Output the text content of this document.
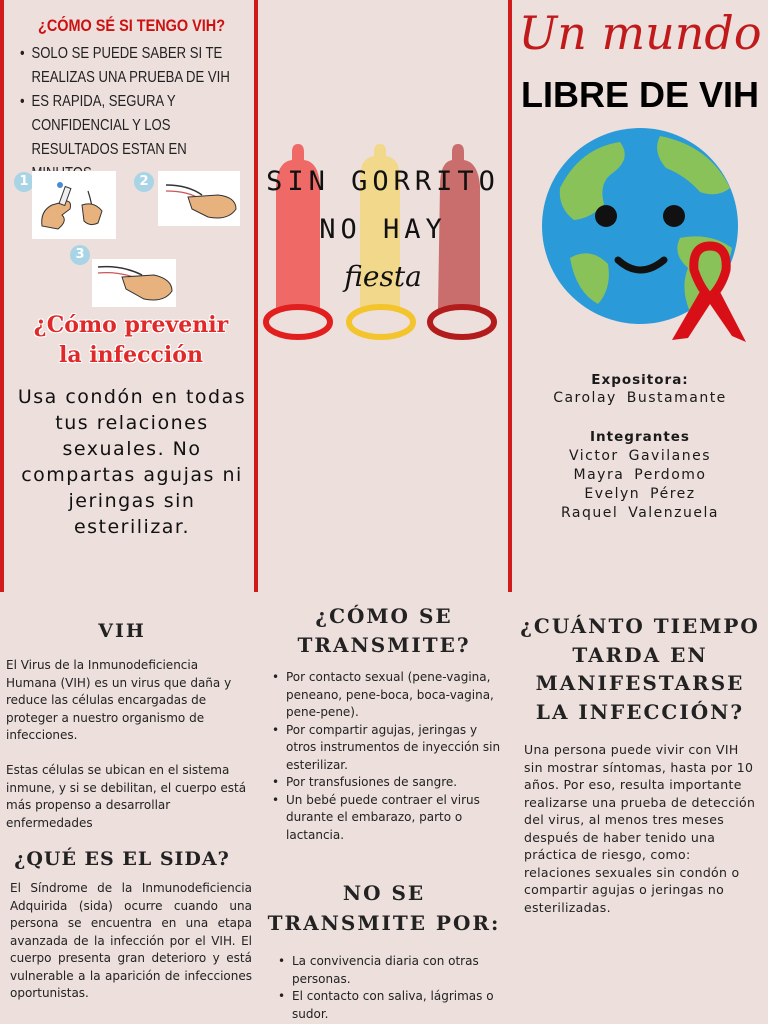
¿CÓMO SÉ SI TENGO VIH?
• SOLO SE PUEDE SABER SI TE REALIZAS UNA PRUEBA DE VIH
• ES RAPIDA, SEGURA Y CONFIDENCIAL Y LOS RESULTADOS ESTAN EN
1	2
3
¿Cómo prevenir
la infección
Usa condón en todas tus relaciones sexuales. No compartas agujas ni jeringas sin esterilizar.
SIN GORRITO
NO HAY
fiesta
Un mundo
LIBRE DE VIH
Expositora:
Carolay Bustamante
Integrantes
Victor Gavilanes
Mayra Perdomo
Evelyn Pérez
Raquel Valenzuela
VIH
El Virus de la Inmunodeficiencia Humana (VIH) es un virus que daña y reduce las células encargadas de proteger a nuestro organismo de infecciones.
Estas células se ubican en el sistema inmune, y si se debilitan, el cuerpo está más propenso a desarrollar enfermedades
¿QUÉ ES EL SIDA?
El Síndrome de la Inmunodeficiencia Adquirida (sida) ocurre cuando una persona se encuentra en una etapa avanzada de la infección por el VIH. El cuerpo presenta gran deterioro y está vulnerable a la aparición de infecciones oportunistas.
¿CÓMO SE
TRANSMITE?
• Por contacto sexual (pene-vagina, peneano, pene-boca, boca-vagina, pene-pene).
• Por compartir agujas, jeringas y otros instrumentos de inyección sin esterilizar.
• Por transfusiones de sangre.
• Un bebé puede contraer el virus durante el embarazo, parto o lactancia.
NO SE
TRANSMITE POR:
• La convivencia diaria con otras personas.
• El contacto con saliva, lágrimas o sudor.
¿CUÁNTO TIEMPO
TARDA EN
MANIFESTARSE
LA INFECCIÓN?
Una persona puede vivir con VIH sin mostrar síntomas, hasta por 10 años. Por eso, resulta importante realizarse una prueba de detección del virus, al menos tres meses después de haber tenido una práctica de riesgo, como: relaciones sexuales sin condón o compartir agujas o jeringas no esterilizadas.
